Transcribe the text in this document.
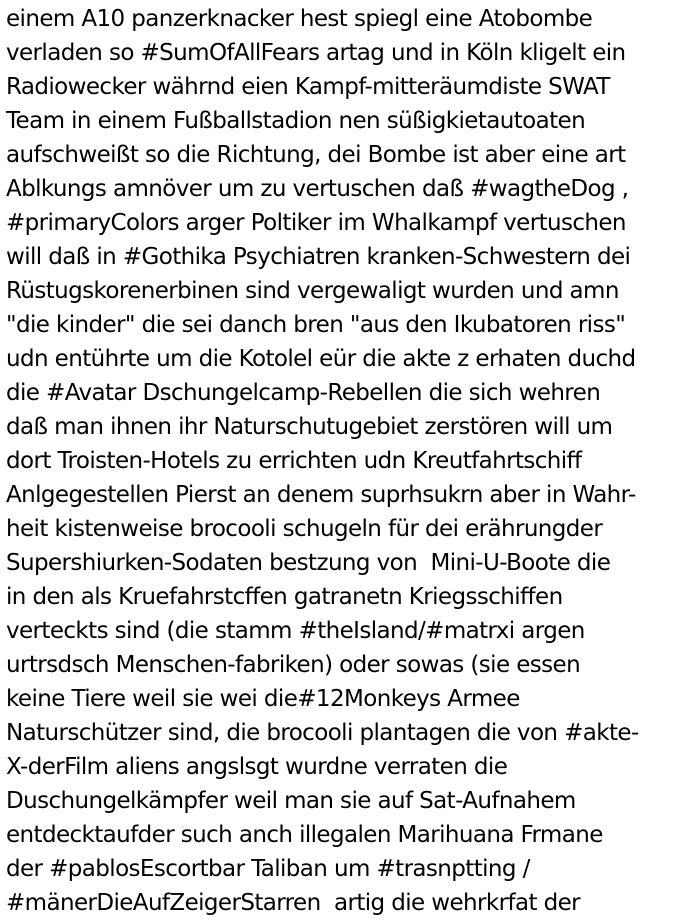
einem A10 panzerknacker hest spiegl eine Atobombe
verladen so #SumOfAllFears artag und in Köln kligelt ein
Radiowecker währnd eien Kampf-mitteräumdiste SWAT
Team in einem Fußballstadion nen süßigkietautoaten
aufschweißt so die Richtung, dei Bombe ist aber eine art
Ablkungs amnöver um zu vertuschen daß #wagtheDog ,
#primaryColors arger Poltiker im Whalkampf vertuschen
will daß in #Gothika Psychiatren kranken-Schwestern dei
Rüstugskorenerbinen sind vergewaligt wurden und amn
"die kinder" die sei danch bren "aus den Ikubatoren riss"
udn entührte um die Kotolel eür die akte z erhaten duchd
die #Avatar Dschungelcamp-Rebellen die sich wehren
daß man ihnen ihr Naturschutugebiet zerstören will um
dort Troisten-Hotels zu errichten udn Kreutfahrtschiff
Anlgegestellen Pierst an denem suprhsukrn aber in Wahr-
heit kistenweise brocooli schugeln für dei erährungder
Supershiurken-Sodaten bestzung von  Mini-U-Boote die
in den als Kruefahrstcffen gatranetn Kriegsschiffen
verteckts sind (die stamm #theIsland/#matrxi argen
urtrsdsch Menschen-fabriken) oder sowas (sie essen
keine Tiere weil sie wei die#12Monkeys Armee
Naturschützer sind, die brocooli plantagen die von #akte-
X-derFilm aliens angslsgt wurdne verraten die
Duschungelkämpfer weil man sie auf Sat-Aufnahem
entdecktaufder such anch illegalen Marihuana Frmane
der #pablosEscortbar Taliban um #trasnptting /
#mänerDieAufZeigerStarren  artig die wehrkrfat der
